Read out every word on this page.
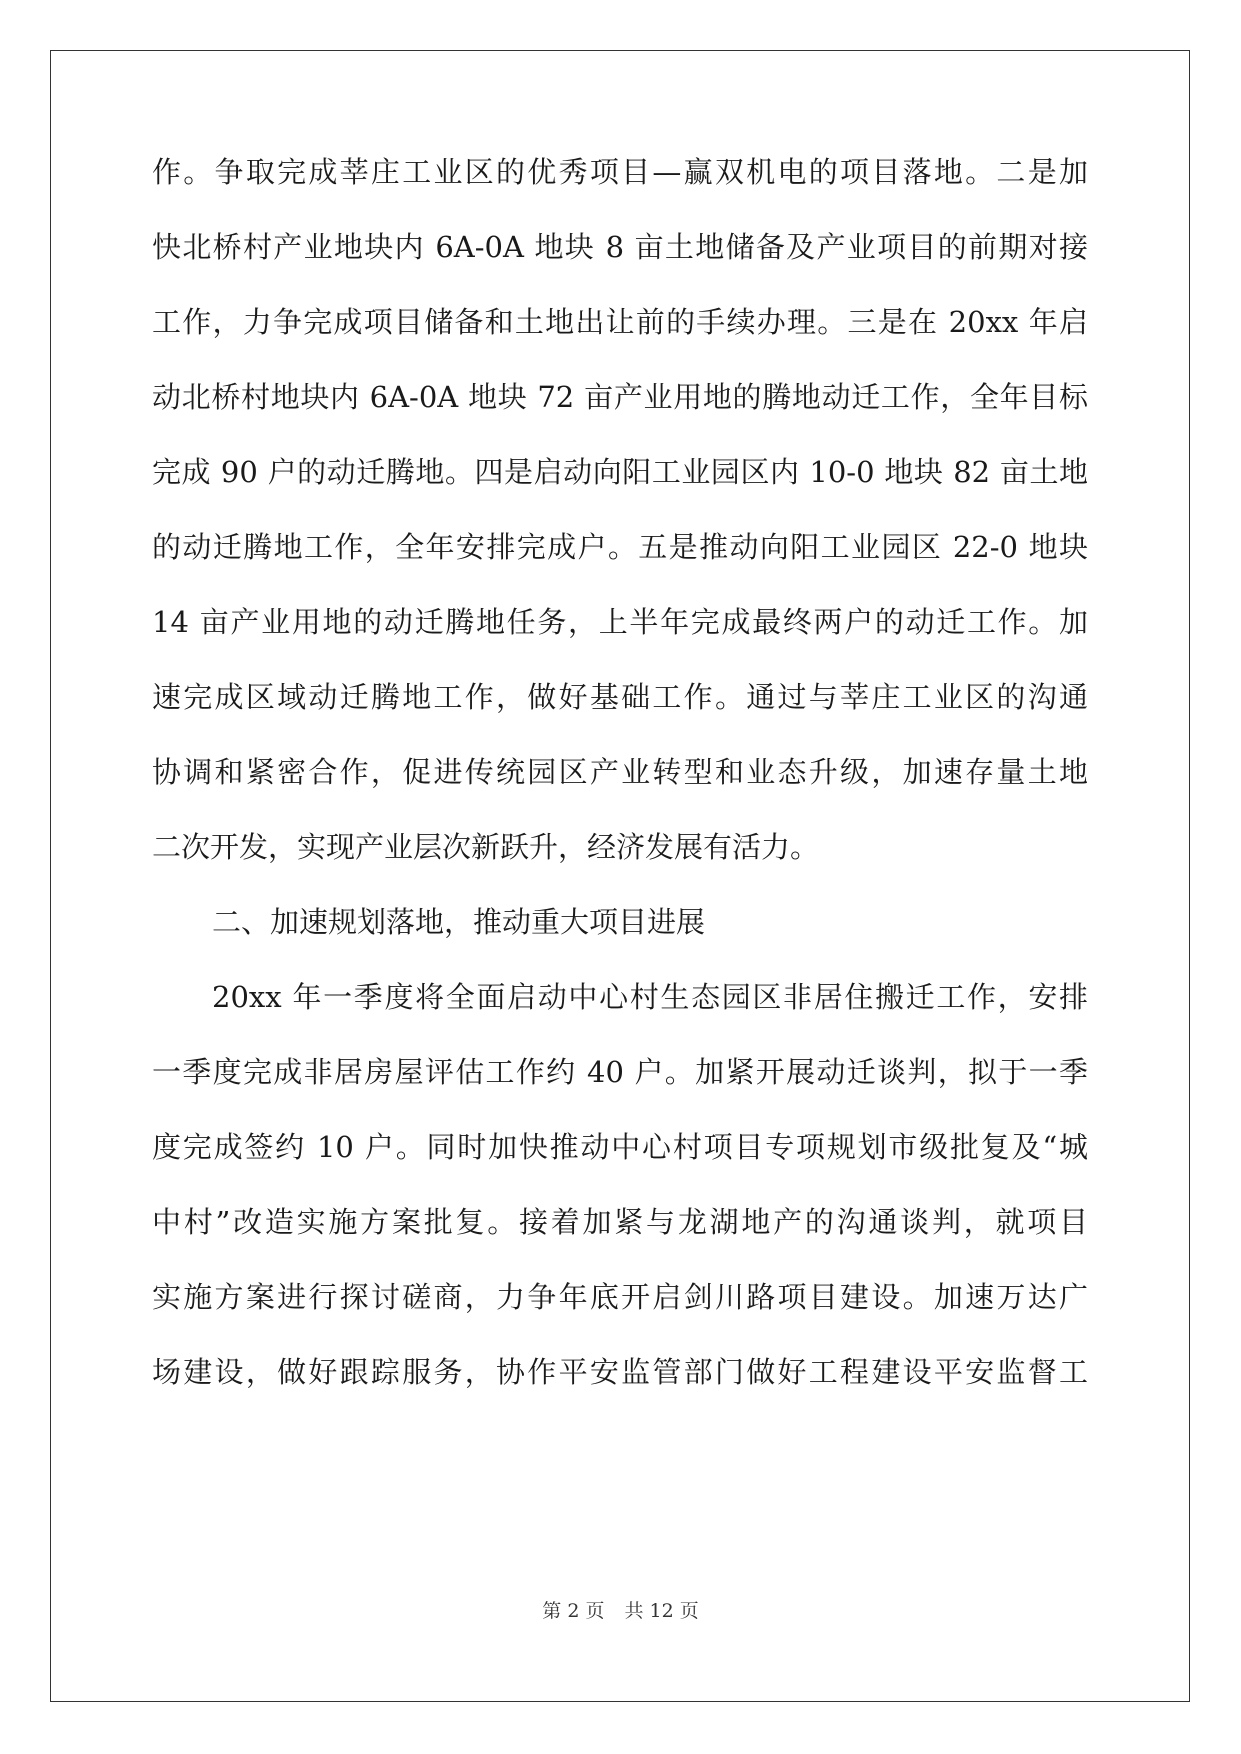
作。争取完成莘庄工业区的优秀项目—赢双机电的项目落地。二是加
快北桥村产业地块内 6A-0A 地块 8 亩土地储备及产业项目的前期对接
工作，力争完成项目储备和土地出让前的手续办理。三是在 20xx 年启
动北桥村地块内 6A-0A 地块 72 亩产业用地的腾地动迁工作，全年目标
完成 90 户的动迁腾地。四是启动向阳工业园区内 10-0 地块 82 亩土地
的动迁腾地工作，全年安排完成户。五是推动向阳工业园区 22-0 地块
14 亩产业用地的动迁腾地任务，上半年完成最终两户的动迁工作。加
速完成区域动迁腾地工作，做好基础工作。通过与莘庄工业区的沟通
协调和紧密合作，促进传统园区产业转型和业态升级，加速存量土地
二次开发，实现产业层次新跃升，经济发展有活力。
二、加速规划落地，推动重大项目进展
20xx 年一季度将全面启动中心村生态园区非居住搬迁工作，安排
一季度完成非居房屋评估工作约 40 户。加紧开展动迁谈判，拟于一季
度完成签约 10 户。同时加快推动中心村项目专项规划市级批复及“城
中村”改造实施方案批复。接着加紧与龙湖地产的沟通谈判，就项目
实施方案进行探讨磋商，力争年底开启剑川路项目建设。加速万达广
场建设，做好跟踪服务，协作平安监管部门做好工程建设平安监督工
第 2 页 共 12 页
